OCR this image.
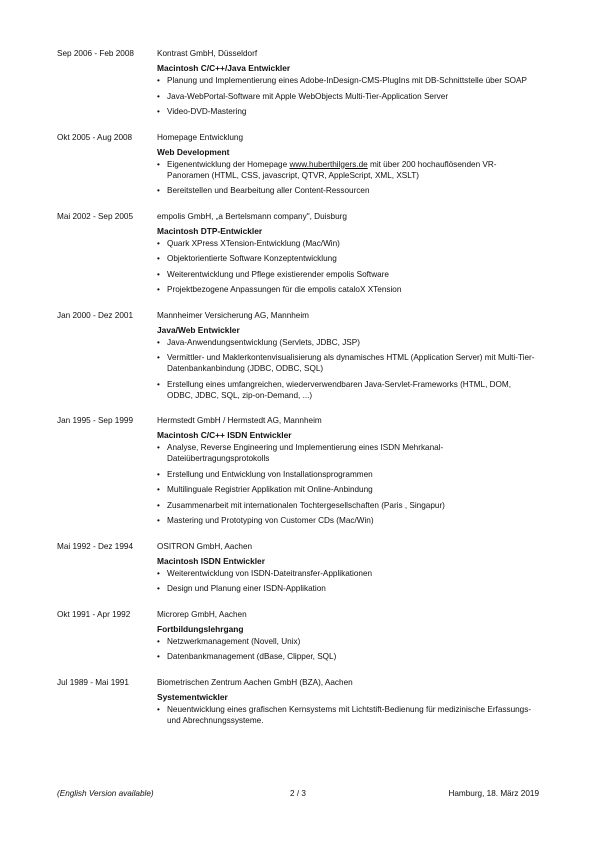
Sep 2006 - Feb 2008	Kontrast GmbH, Düsseldorf
Macintosh C/C++/Java Entwickler
• Planung und Implementierung eines Adobe-InDesign-CMS-PlugIns mit DB-Schnittstelle über SOAP
• Java-WebPortal-Software mit Apple WebObjects Multi-Tier-Application Server
• Video-DVD-Mastering
Okt 2005 - Aug 2008	Homepage Entwicklung
Web Development
• Eigenentwicklung der Homepage www.huberthilgers.de mit über 200 hochauflösenden VR-Panoramen (HTML, CSS, javascript, QTVR, AppleScript, XML, XSLT)
• Bereitstellen und Bearbeitung aller Content-Ressourcen
Mai 2002 - Sep 2005	empolis GmbH, „a Bertelsmann company", Duisburg
Macintosh DTP-Entwickler
• Quark XPress XTension-Entwicklung (Mac/Win)
• Objektorientierte Software Konzeptentwicklung
• Weiterentwicklung und Pflege existierender empolis Software
• Projektbezogene Anpassungen für die empolis cataloX XTension
Jan 2000 - Dez 2001	Mannheimer Versicherung AG, Mannheim
Java/Web Entwickler
• Java-Anwendungsentwicklung (Servlets, JDBC, JSP)
• Vermittler- und Maklerkontenvisualisierung als dynamisches HTML (Application Server) mit Multi-Tier-Datenbankanbindung (JDBC, ODBC, SQL)
• Erstellung eines umfangreichen, wiederverwendbaren Java-Servlet-Frameworks (HTML, DOM, ODBC, JDBC, SQL, zip-on-Demand, ...)
Jan 1995 - Sep 1999	Hermstedt GmbH / Hermstedt AG, Mannheim
Macintosh C/C++ ISDN Entwickler
• Analyse, Reverse Engineering und Implementierung eines ISDN Mehrkanal-Dateiübertragungsprotokolls
• Erstellung und Entwicklung von Installationsprogrammen
• Multilinguale Registrier Applikation mit Online-Anbindung
• Zusammenarbeit mit internationalen Tochtergesellschaften (Paris , Singapur)
• Mastering und Prototyping von Customer CDs (Mac/Win)
Mai 1992 - Dez 1994	OSITRON GmbH, Aachen
Macintosh ISDN Entwickler
• Weiterentwicklung von ISDN-Dateitransfer-Applikationen
• Design und Planung einer ISDN-Applikation
Okt 1991 - Apr 1992	Microrep GmbH, Aachen
Fortbildungslehrgang
• Netzwerkmanagement (Novell, Unix)
• Datenbankmanagement (dBase, Clipper, SQL)
Jul 1989 - Mai 1991	Biometrischen Zentrum Aachen GmbH (BZA), Aachen
Systementwickler
• Neuentwicklung eines grafischen Kernsystems mit Lichtstift-Bedienung für medizinische Erfassungs- und Abrechnungssysteme.
(English Version available)	2 / 3	Hamburg, 18. März 2019
